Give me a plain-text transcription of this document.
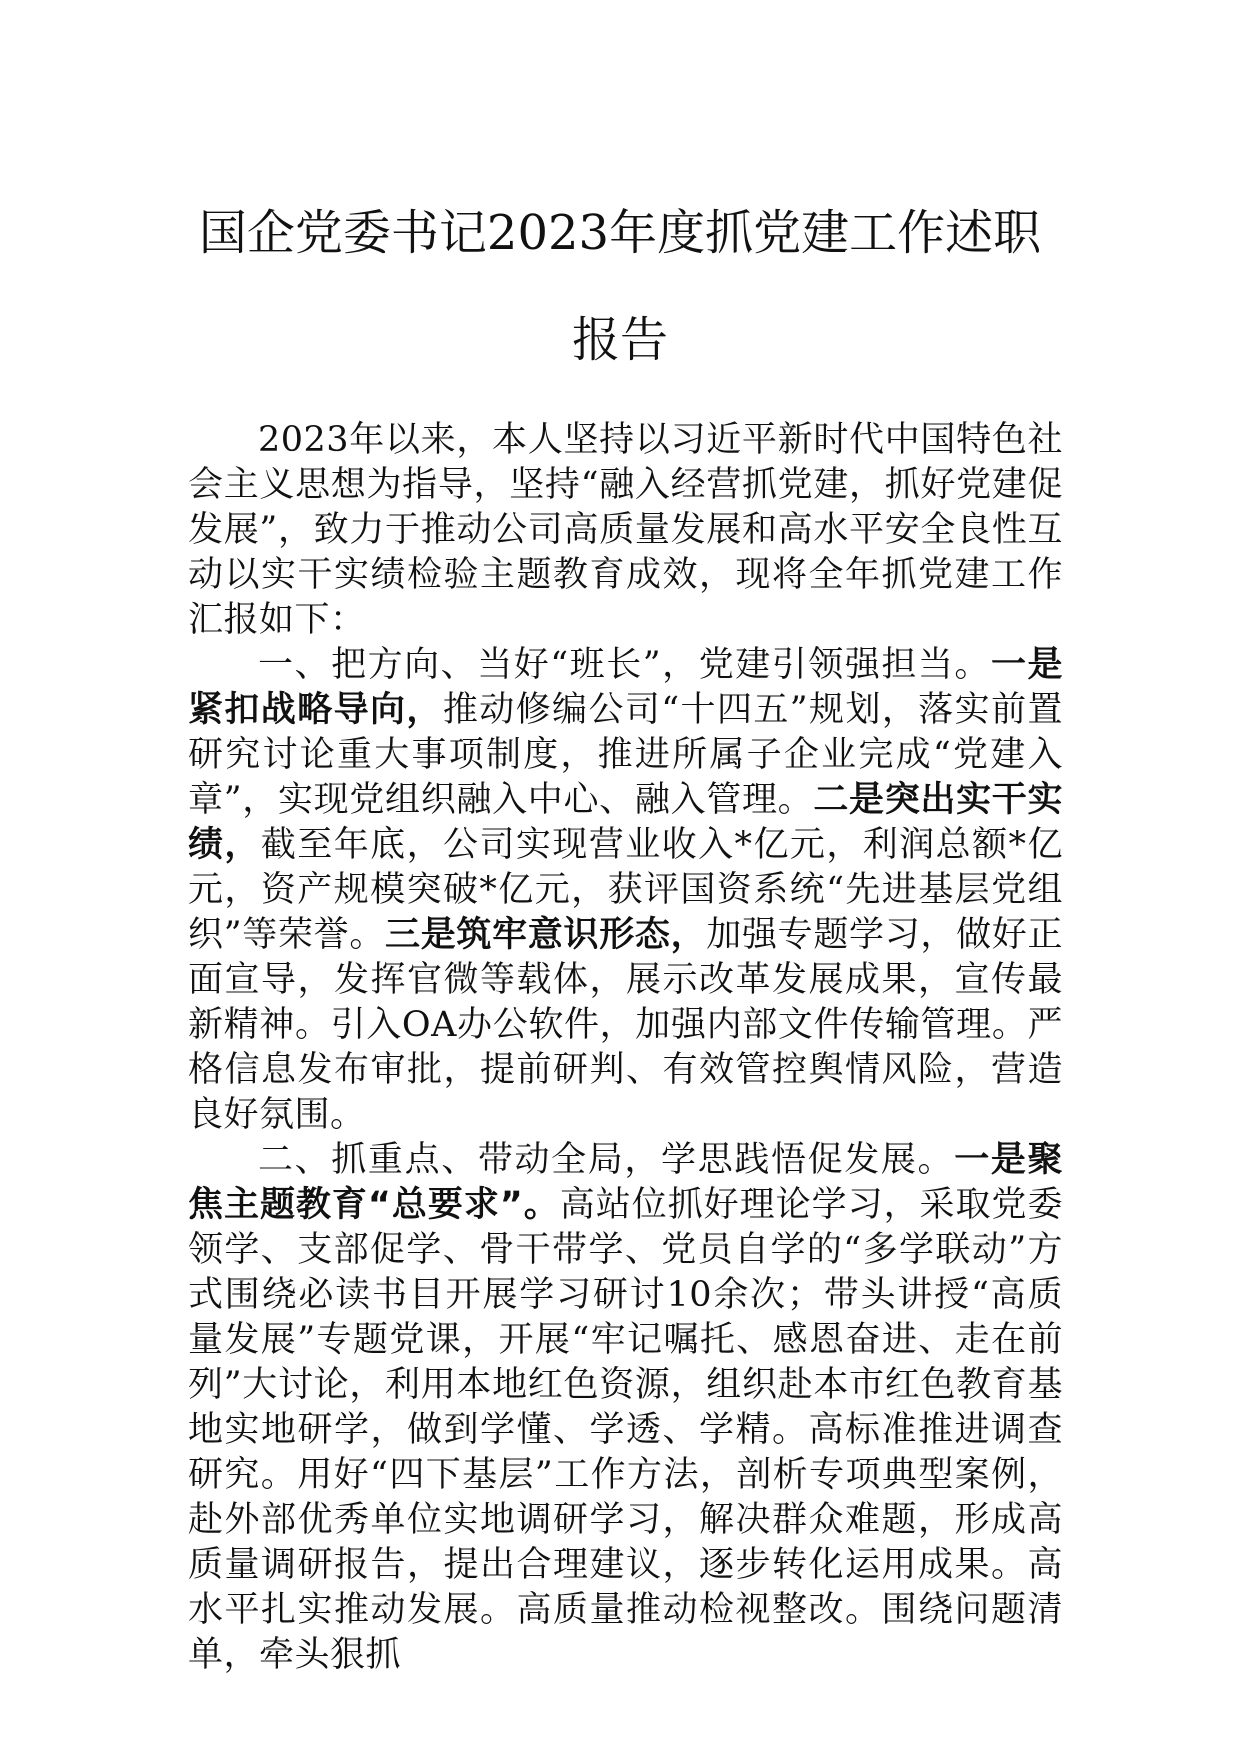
国企党委书记2023年度抓党建工作述职报告

2023年以来，本人坚持以习近平新时代中国特色社会主义思想为指导，坚持“融入经营抓党建，抓好党建促发展”，致力于推动公司高质量发展和高水平安全良性互动以实干实绩检验主题教育成效，现将全年抓党建工作汇报如下：

一、把方向、当好“班长”，党建引领强担当。一是紧扣战略导向，推动修编公司“十四五”规划，落实前置研究讨论重大事项制度，推进所属子企业完成“党建入章”，实现党组织融入中心、融入管理。二是突出实干实绩，截至年底，公司实现营业收入*亿元，利润总额*亿元，资产规模突破*亿元，获评国资系统“先进基层党组织”等荣誉。三是筑牢意识形态，加强专题学习，做好正面宣导，发挥官微等载体，展示改革发展成果，宣传最新精神。引入OA办公软件，加强内部文件传输管理。严格信息发布审批，提前研判、有效管控舆情风险，营造良好氛围。

二、抓重点、带动全局，学思践悟促发展。一是聚焦主题教育“总要求”。高站位抓好理论学习，采取党委领学、支部促学、骨干带学、党员自学的“多学联动”方式围绕必读书目开展学习研讨10余次；带头讲授“高质量发展”专题党课，开展“牢记嘱托、感恩奋进、走在前列”大讨论，利用本地红色资源，组织赴本市红色教育基地实地研学，做到学懂、学透、学精。高标准推进调查研究。用好“四下基层”工作方法，剖析专项典型案例，赴外部优秀单位实地调研学习，解决群众难题，形成高质量调研报告，提出合理建议，逐步转化运用成果。高水平扎实推动发展。高质量推动检视整改。围绕问题清单，牵头狠抓
